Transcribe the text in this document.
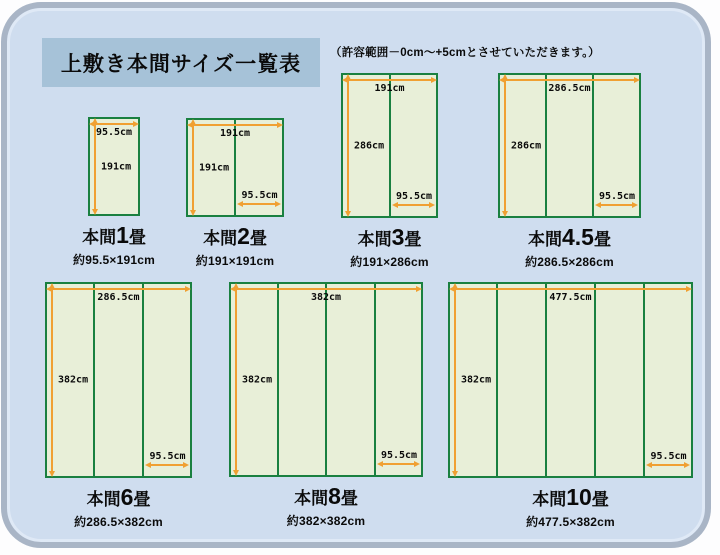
上敷き本間サイズ一覧表	（許容範囲－0cm～+5cmとさせていただきます。）
95.5cm
191cm
本間1畳
約95.5×191cm
191cm
191cm
95.5cm
本間2畳
約191×191cm
191cm
286cm
95.5cm
本間3畳
約191×286cm
286.5cm
286cm
95.5cm
本間4.5畳
約286.5×286cm
286.5cm
382cm
95.5cm
本間6畳
約286.5×382cm
382cm
382cm
95.5cm
本間8畳
約382×382cm
477.5cm
382cm
95.5cm
本間10畳
約477.5×382cm
